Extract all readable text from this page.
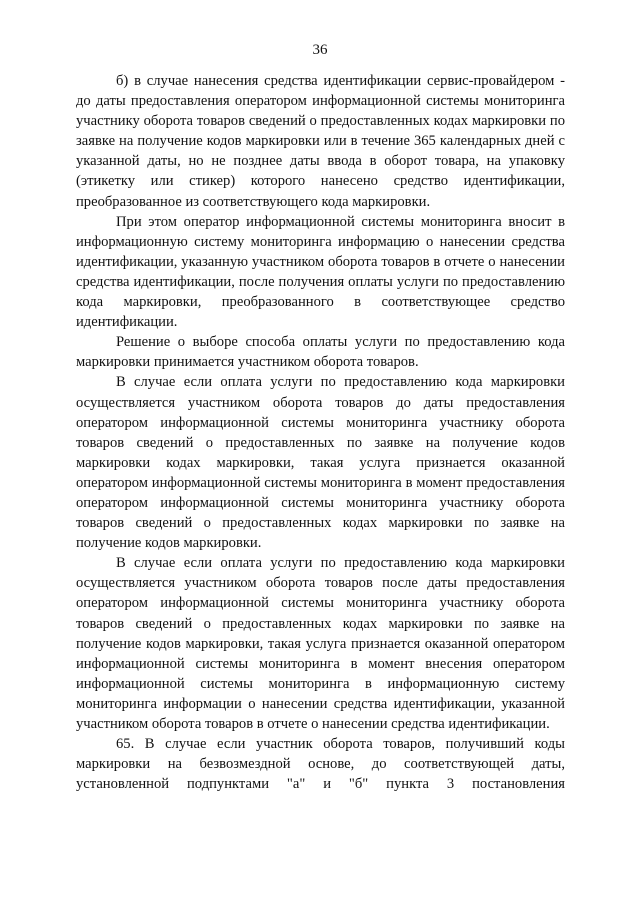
36

б) в случае нанесения средства идентификации сервис-провайдером - до даты предоставления оператором информационной системы мониторинга участнику оборота товаров сведений о предоставленных кодах маркировки по заявке на получение кодов маркировки или в течение 365 календарных дней с указанной даты, но не позднее даты ввода в оборот товара, на упаковку (этикетку или стикер) которого нанесено средство идентификации, преобразованное из соответствующего кода маркировки.

При этом оператор информационной системы мониторинга вносит в информационную систему мониторинга информацию о нанесении средства идентификации, указанную участником оборота товаров в отчете о нанесении средства идентификации, после получения оплаты услуги по предоставлению кода маркировки, преобразованного в соответствующее средство идентификации.

Решение о выборе способа оплаты услуги по предоставлению кода маркировки принимается участником оборота товаров.

В случае если оплата услуги по предоставлению кода маркировки осуществляется участником оборота товаров до даты предоставления оператором информационной системы мониторинга участнику оборота товаров сведений о предоставленных по заявке на получение кодов маркировки кодах маркировки, такая услуга признается оказанной оператором информационной системы мониторинга в момент предоставления оператором информационной системы мониторинга участнику оборота товаров сведений о предоставленных кодах маркировки по заявке на получение кодов маркировки.

В случае если оплата услуги по предоставлению кода маркировки осуществляется участником оборота товаров после даты предоставления оператором информационной системы мониторинга участнику оборота товаров сведений о предоставленных кодах маркировки по заявке на получение кодов маркировки, такая услуга признается оказанной оператором информационной системы мониторинга в момент внесения оператором информационной системы мониторинга в информационную систему мониторинга информации о нанесении средства идентификации, указанной участником оборота товаров в отчете о нанесении средства идентификации.

65. В случае если участник оборота товаров, получивший коды маркировки на безвозмездной основе, до соответствующей даты, установленной подпунктами "а" и "б" пункта 3 постановления
